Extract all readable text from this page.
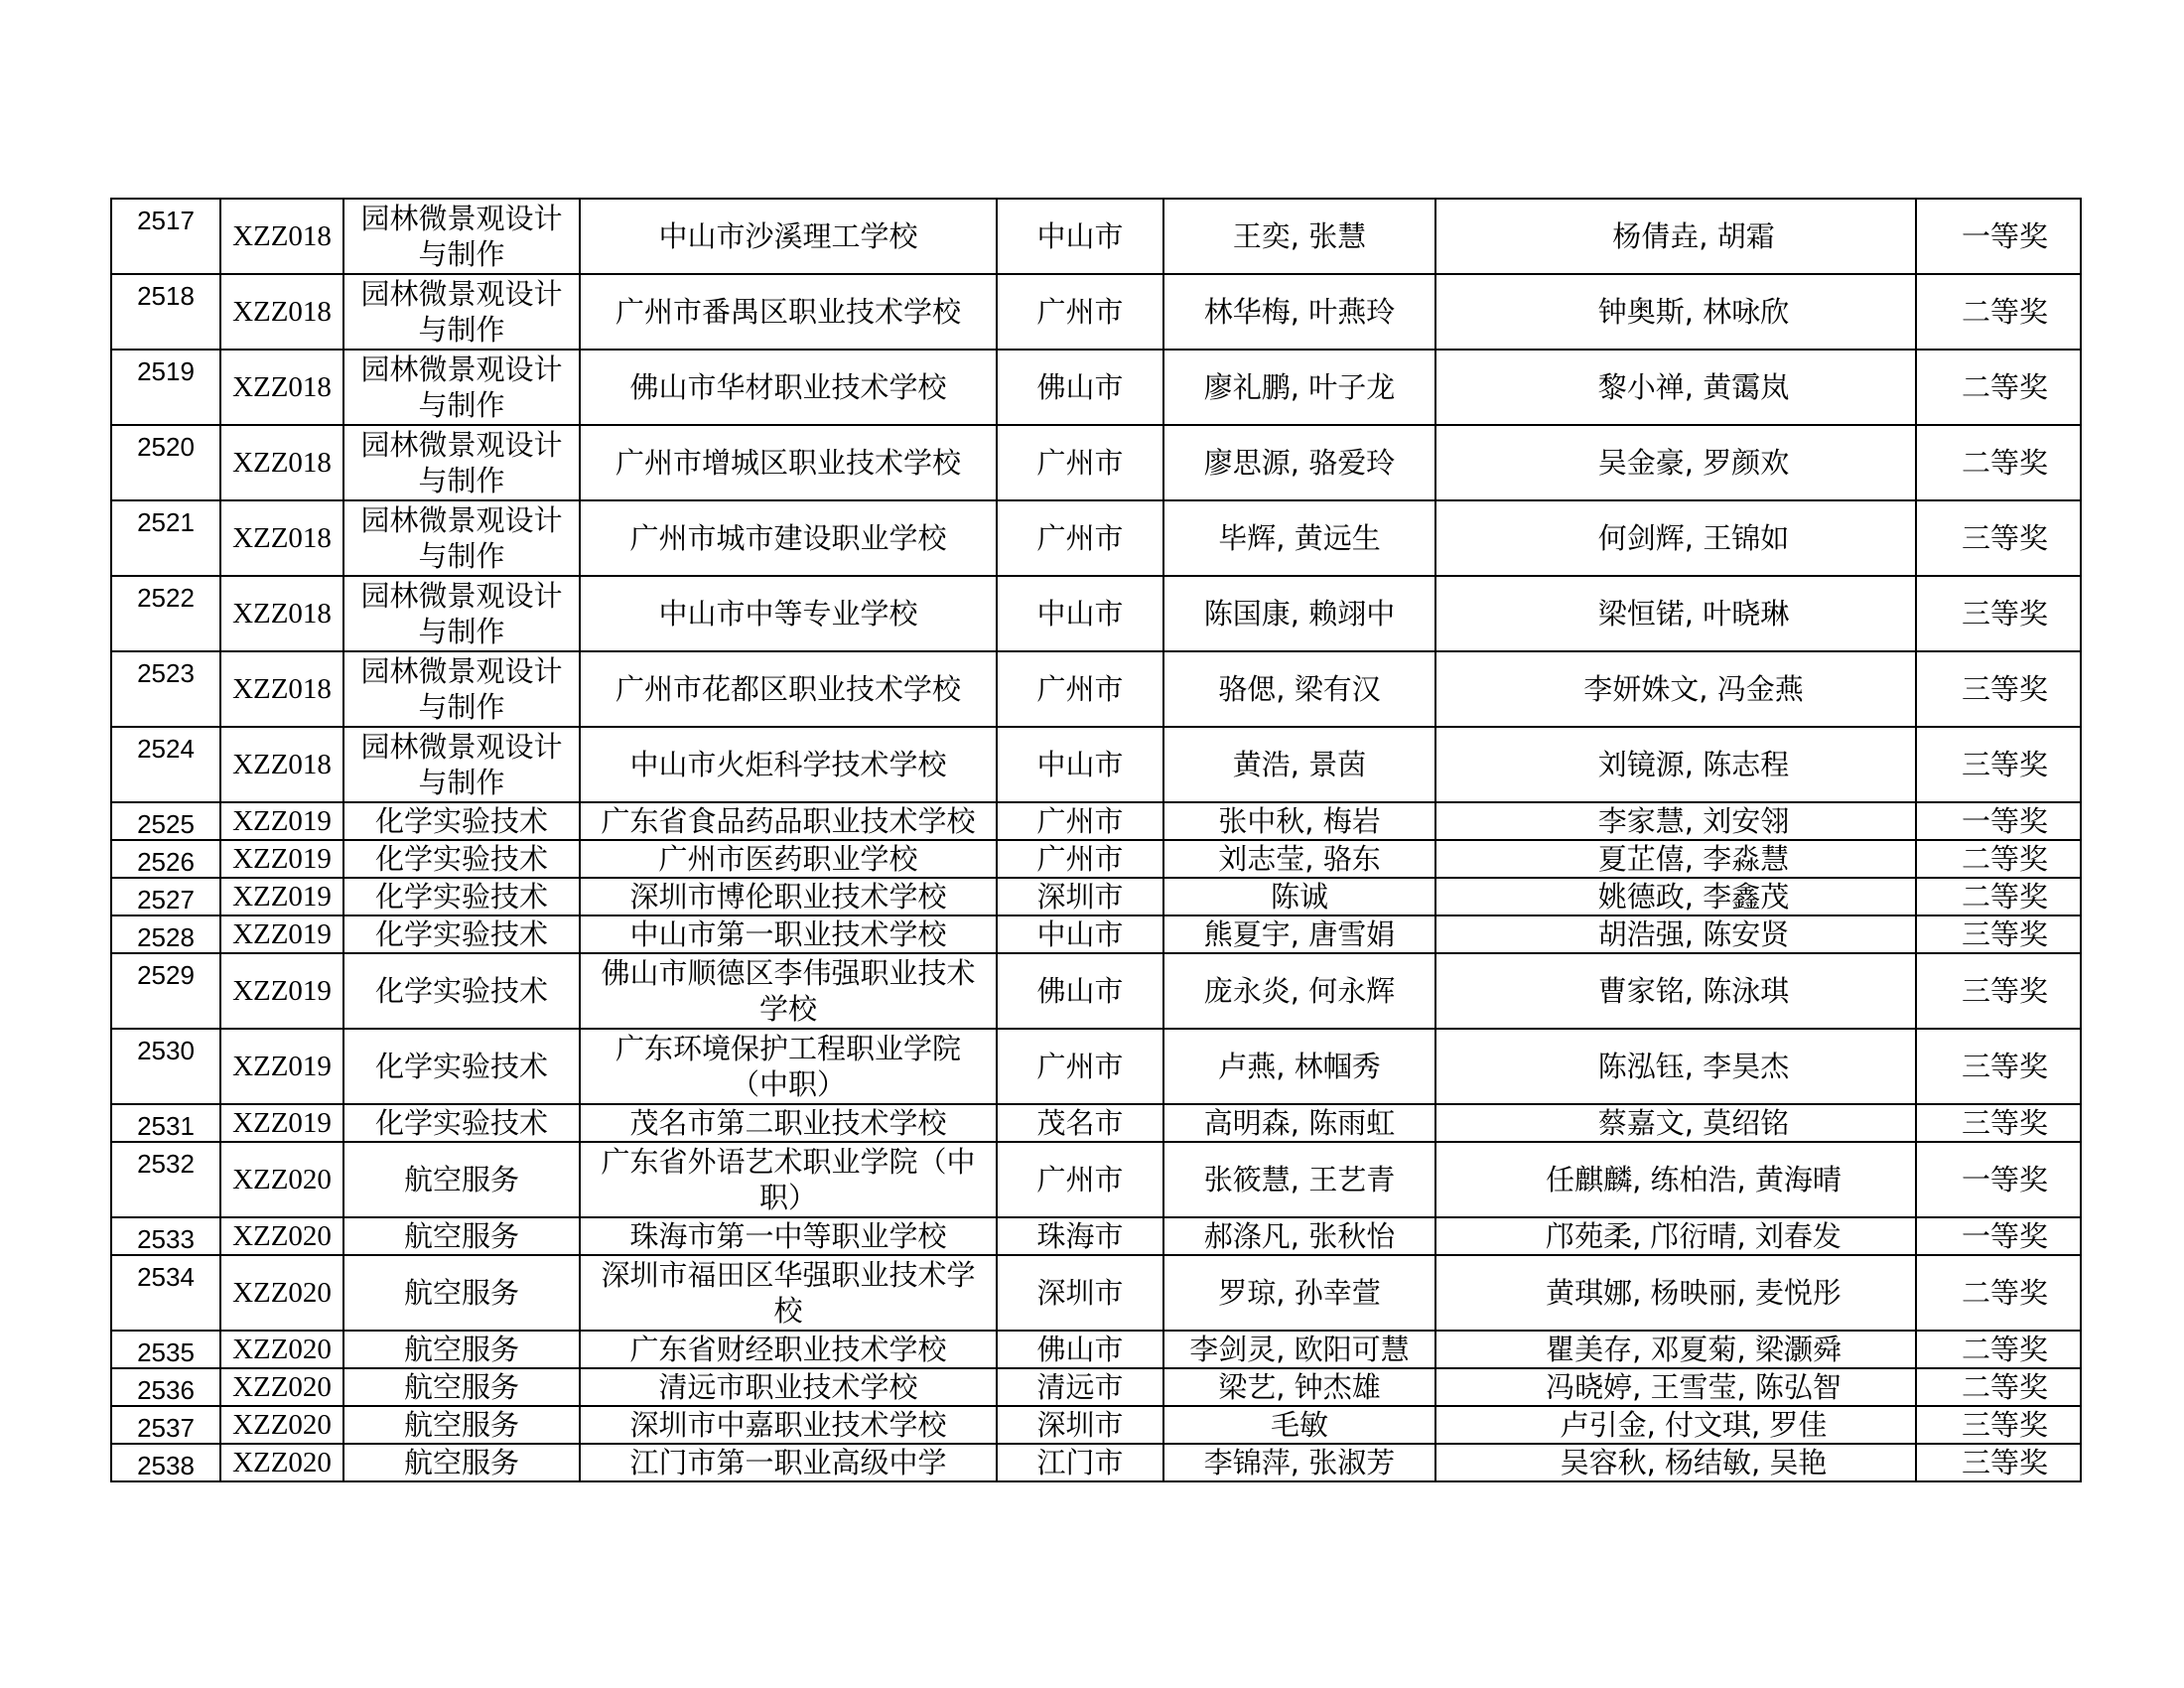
2517	XZZ018	园林微景观设计与制作	中山市沙溪理工学校	中山市	王奕, 张慧	杨倩垚, 胡霜	一等奖
2518	XZZ018	园林微景观设计与制作	广州市番禺区职业技术学校	广州市	林华梅, 叶燕玲	钟奥斯, 林咏欣	二等奖
2519	XZZ018	园林微景观设计与制作	佛山市华材职业技术学校	佛山市	廖礼鹏, 叶子龙	黎小禅, 黄霭岚	二等奖
2520	XZZ018	园林微景观设计与制作	广州市增城区职业技术学校	广州市	廖思源, 骆爱玲	吴金豪, 罗颜欢	二等奖
2521	XZZ018	园林微景观设计与制作	广州市城市建设职业学校	广州市	毕辉, 黄远生	何剑辉, 王锦如	三等奖
2522	XZZ018	园林微景观设计与制作	中山市中等专业学校	中山市	陈国康, 赖翊中	梁恒锘, 叶晓琳	三等奖
2523	XZZ018	园林微景观设计与制作	广州市花都区职业技术学校	广州市	骆偲, 梁有汉	李妍姝文, 冯金燕	三等奖
2524	XZZ018	园林微景观设计与制作	中山市火炬科学技术学校	中山市	黄浩, 景茵	刘镜源, 陈志程	三等奖
2525	XZZ019	化学实验技术	广东省食品药品职业技术学校	广州市	张中秋, 梅岩	李家慧, 刘安翎	一等奖
2526	XZZ019	化学实验技术	广州市医药职业学校	广州市	刘志莹, 骆东	夏芷僖, 李淼慧	二等奖
2527	XZZ019	化学实验技术	深圳市博伦职业技术学校	深圳市	陈诚	姚德政, 李鑫茂	二等奖
2528	XZZ019	化学实验技术	中山市第一职业技术学校	中山市	熊夏宇, 唐雪娟	胡浩强, 陈安贤	三等奖
2529	XZZ019	化学实验技术	佛山市顺德区李伟强职业技术学校	佛山市	庞永炎, 何永辉	曹家铭, 陈泳琪	三等奖
2530	XZZ019	化学实验技术	广东环境保护工程职业学院（中职）	广州市	卢燕, 林帼秀	陈泓钰, 李昊杰	三等奖
2531	XZZ019	化学实验技术	茂名市第二职业技术学校	茂名市	高明森, 陈雨虹	蔡嘉文, 莫绍铭	三等奖
2532	XZZ020	航空服务	广东省外语艺术职业学院（中职）	广州市	张筱慧, 王艺青	任麒麟, 练柏浩, 黄海晴	一等奖
2533	XZZ020	航空服务	珠海市第一中等职业学校	珠海市	郝涤凡, 张秋怡	邝苑柔, 邝衍晴, 刘春发	一等奖
2534	XZZ020	航空服务	深圳市福田区华强职业技术学校	深圳市	罗琼, 孙幸萱	黄琪娜, 杨映丽, 麦悦彤	二等奖
2535	XZZ020	航空服务	广东省财经职业技术学校	佛山市	李剑灵, 欧阳可慧	瞿美存, 邓夏菊, 梁灏舜	二等奖
2536	XZZ020	航空服务	清远市职业技术学校	清远市	梁艺, 钟杰雄	冯晓婷, 王雪莹, 陈弘智	二等奖
2537	XZZ020	航空服务	深圳市中嘉职业技术学校	深圳市	毛敏	卢引金, 付文琪, 罗佳	三等奖
2538	XZZ020	航空服务	江门市第一职业高级中学	江门市	李锦萍, 张淑芳	吴容秋, 杨结敏, 吴艳	三等奖
